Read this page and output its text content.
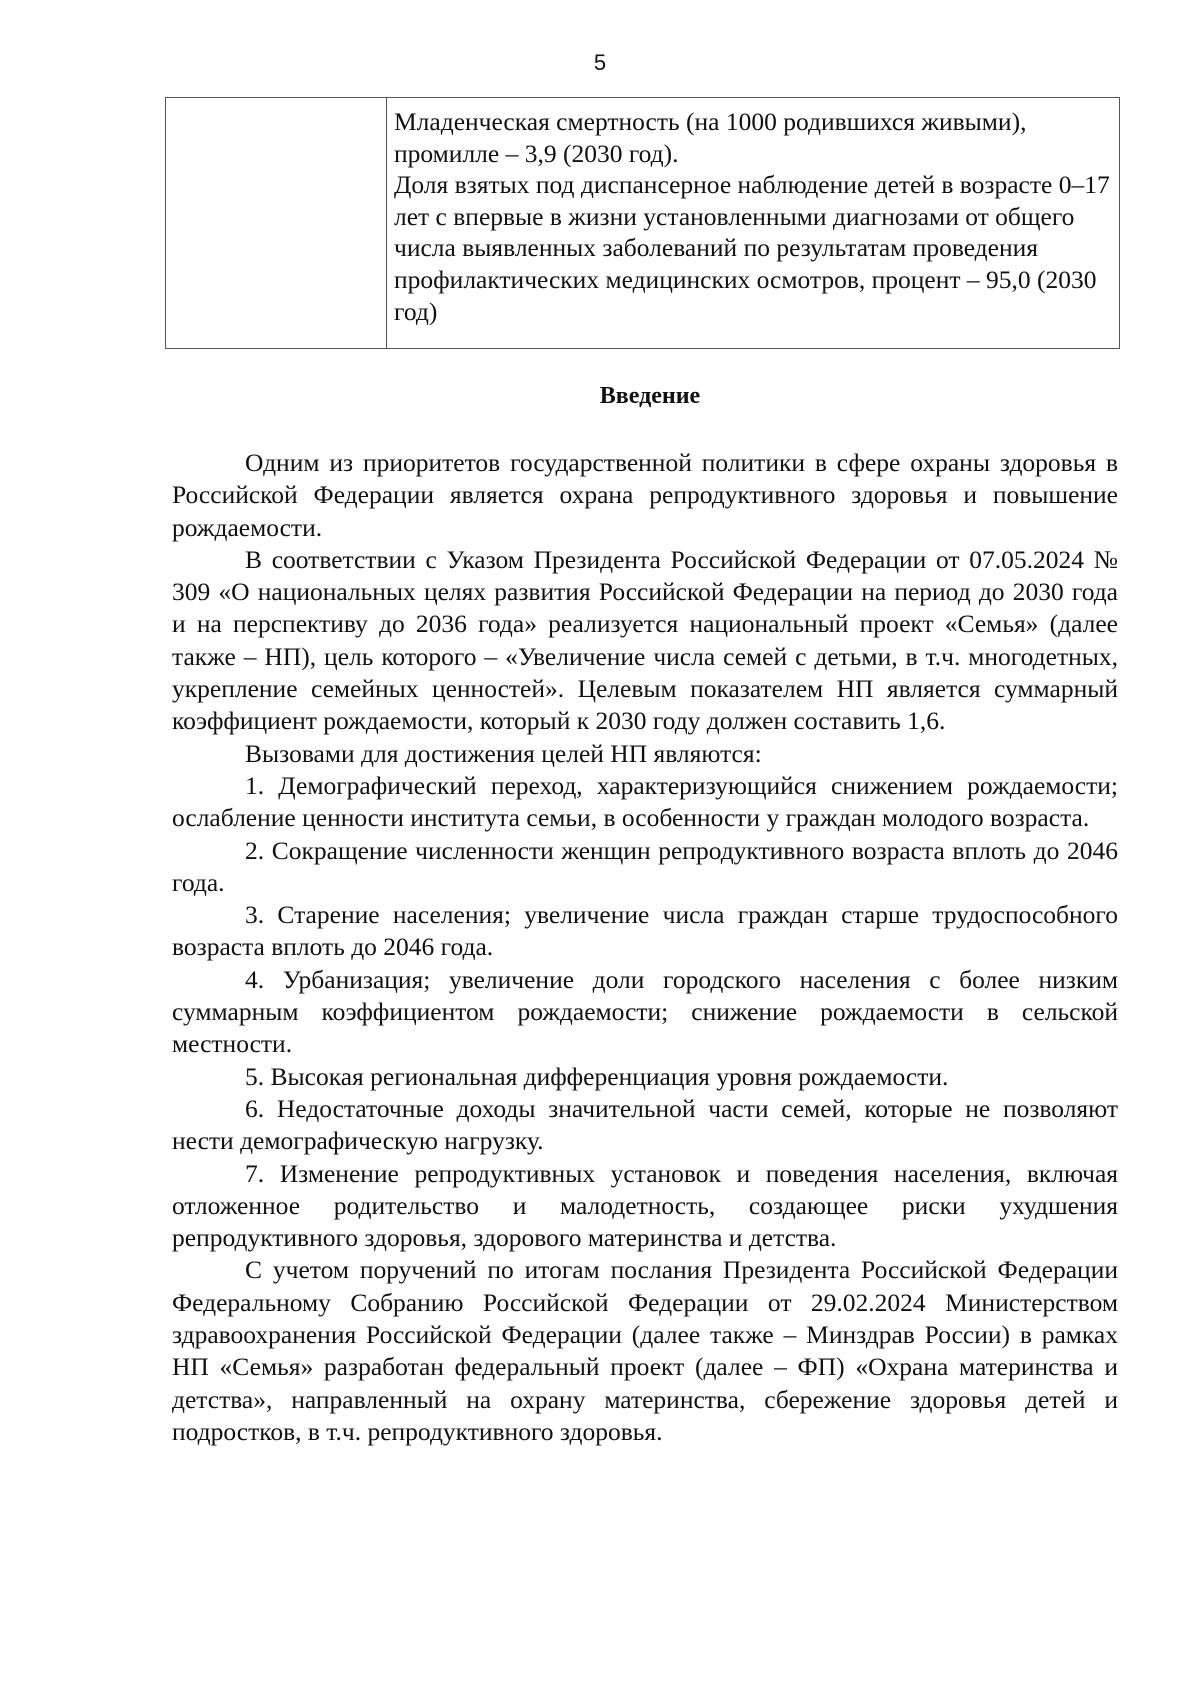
5

Младенческая смертность (на 1000 родившихся живыми), промилле – 3,9 (2030 год).

Доля взятых под диспансерное наблюдение детей в возрасте 0–17 лет с впервые в жизни установленными диагнозами от общего числа выявленных заболеваний по результатам проведения профилактических медицинских осмотров, процент – 95,0 (2030 год)

Введение

Одним из приоритетов государственной политики в сфере охраны здоровья в Российской Федерации является охрана репродуктивного здоровья и повышение рождаемости.

В соответствии с Указом Президента Российской Федерации от 07.05.2024 № 309 «О национальных целях развития Российской Федерации на период до 2030 года и на перспективу до 2036 года» реализуется национальный проект «Семья» (далее также – НП), цель которого – «Увеличение числа семей с детьми, в т.ч. многодетных, укрепление семейных ценностей». Целевым показателем НП является суммарный коэффициент рождаемости, который к 2030 году должен составить 1,6.

Вызовами для достижения целей НП являются:

1. Демографический переход, характеризующийся снижением рождаемости; ослабление ценности института семьи, в особенности у граждан молодого возраста.

2. Сокращение численности женщин репродуктивного возраста вплоть до 2046 года.

3. Старение населения; увеличение числа граждан старше трудоспособного возраста вплоть до 2046 года.

4. Урбанизация; увеличение доли городского населения с более низким суммарным коэффициентом рождаемости; снижение рождаемости в сельской местности.

5. Высокая региональная дифференциация уровня рождаемости.

6. Недостаточные доходы значительной части семей, которые не позволяют нести демографическую нагрузку.

7. Изменение репродуктивных установок и поведения населения, включая отложенное родительство и малодетность, создающее риски ухудшения репродуктивного здоровья, здорового материнства и детства.

С учетом поручений по итогам послания Президента Российской Федерации Федеральному Собранию Российской Федерации от 29.02.2024 Министерством здравоохранения Российской Федерации (далее также – Минздрав России) в рамках НП «Семья» разработан федеральный проект (далее – ФП) «Охрана материнства и детства», направленный на охрану материнства, сбережение здоровья детей и подростков, в т.ч. репродуктивного здоровья.
